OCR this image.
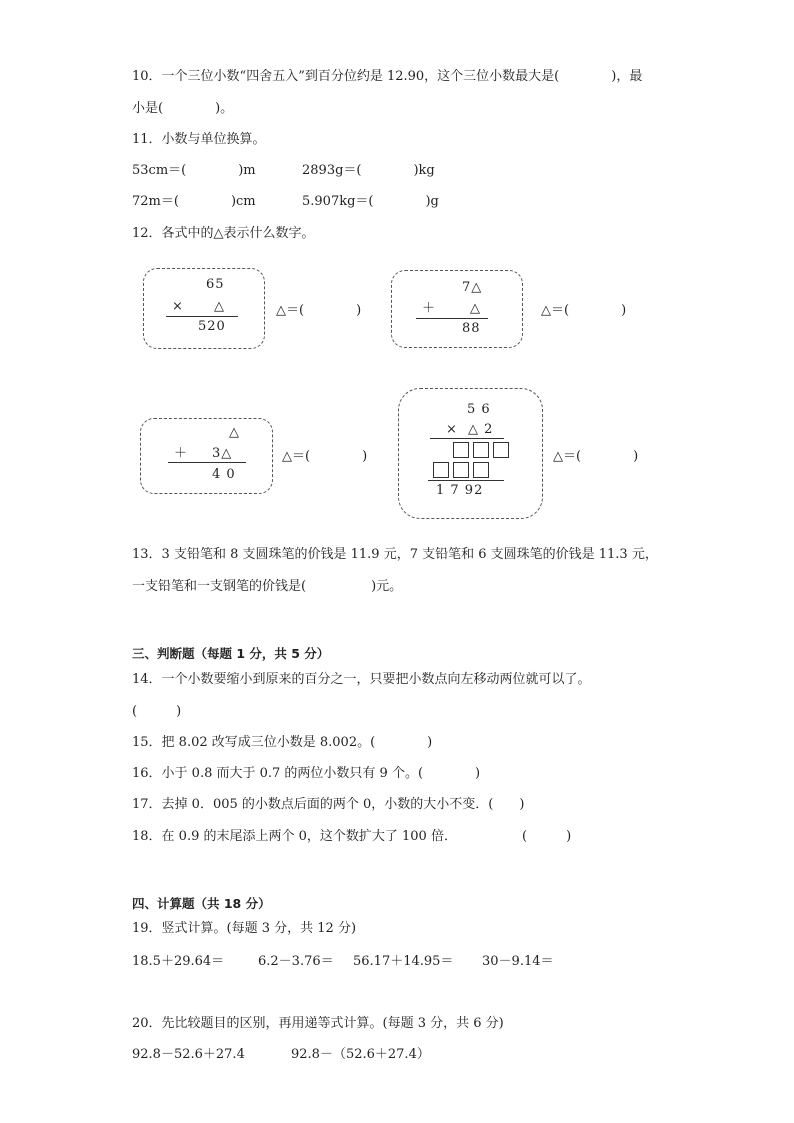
10．一个三位小数“四舍五入”到百分位约是 12.90，这个三位小数最大是(　　　　)，最
小是(　　　　)。
11．小数与单位换算。
53cm＝(　　　　)m	2893g＝(　　　　)kg
72m＝(　　　　)cm	5.907kg＝(　　　　)g
12．各式中的△表示什么数字。
65
× △
520
△＝(　　　　)
7△
＋	△
88
△＝(　　　　)
△
＋ 3△
4 0
△＝(　　　　)
5 6
× △ 2
1 7 92
△＝(　　　　)
13．3 支铅笔和 8 支圆珠笔的价钱是 11.9 元，7 支铅笔和 6 支圆珠笔的价钱是 11.3 元，
一支铅笔和一支钢笔的价钱是(　　　　　)元。
三、判断题（每题 1 分，共 5 分）
14．一个小数要缩小到原来的百分之一，只要把小数点向左移动两位就可以了。
(　　　)
15．把 8.02 改写成三位小数是 8.002。(　　　　)
16．小于 0.8 而大于 0.7 的两位小数只有 9 个。(　　　　)
17．去掉 0．005 的小数点后面的两个 0，小数的大小不变．(　　)
18．在 0.9 的末尾添上两个 0，这个数扩大了 100 倍．	(　　　)
四、计算题（共 18 分）
19．竖式计算。(每题 3 分，共 12 分)
18.5＋29.64＝	6.2－3.76＝ 56.17＋14.95＝ 30－9.14＝
20．先比较题目的区别，再用递等式计算。(每题 3 分，共 6 分)
92.8－52.6＋27.4	92.8－（52.6＋27.4）
